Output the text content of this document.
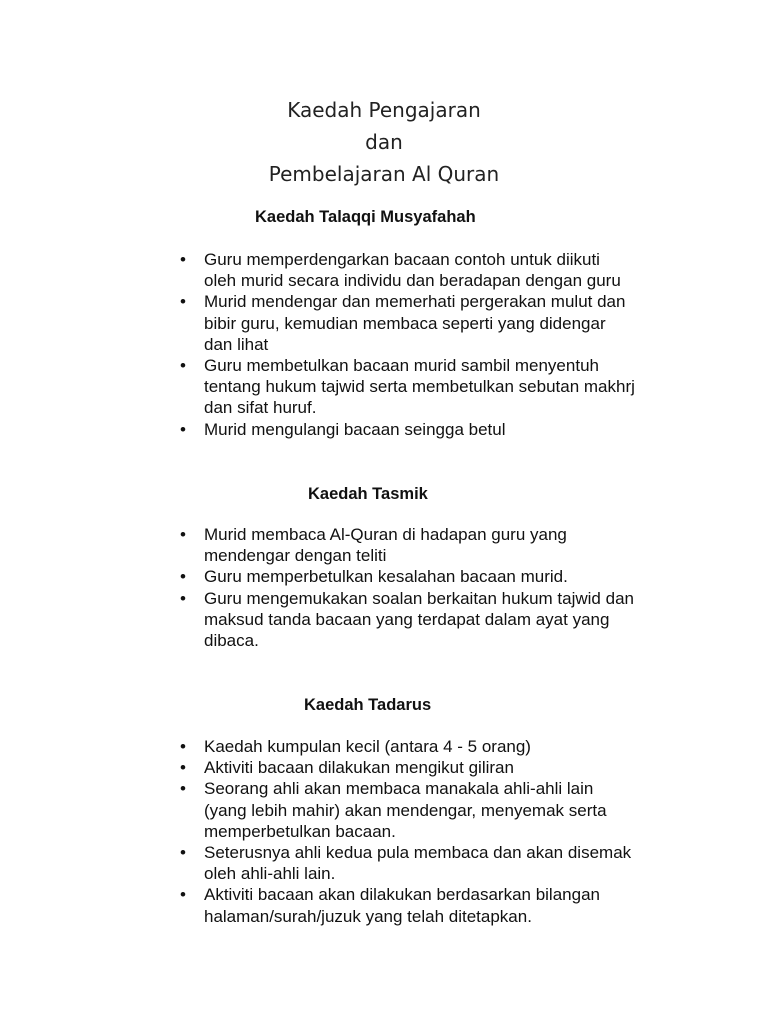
Kaedah Pengajaran
dan
Pembelajaran Al Quran
Kaedah Talaqqi Musyafahah
• Guru memperdengarkan bacaan contoh untuk diikuti oleh murid secara individu dan beradapan dengan guru
• Murid mendengar dan memerhati pergerakan mulut dan bibir guru, kemudian membaca seperti yang didengar dan lihat
• Guru membetulkan bacaan murid sambil menyentuh tentang hukum tajwid serta membetulkan sebutan makhrj dan sifat huruf.
• Murid mengulangi bacaan seingga betul
Kaedah Tasmik
• Murid membaca Al-Quran di hadapan guru yang mendengar dengan teliti
• Guru memperbetulkan kesalahan bacaan murid.
• Guru mengemukakan soalan berkaitan hukum tajwid dan maksud tanda bacaan yang terdapat dalam ayat yang dibaca.
Kaedah Tadarus
• Kaedah kumpulan kecil (antara 4 - 5 orang)
• Aktiviti bacaan dilakukan mengikut giliran
• Seorang ahli akan membaca manakala ahli-ahli lain (yang lebih mahir) akan mendengar, menyemak serta memperbetulkan bacaan.
• Seterusnya ahli kedua pula membaca dan akan disemak oleh ahli-ahli lain.
• Aktiviti bacaan akan dilakukan berdasarkan bilangan halaman/surah/juzuk yang telah ditetapkan.
